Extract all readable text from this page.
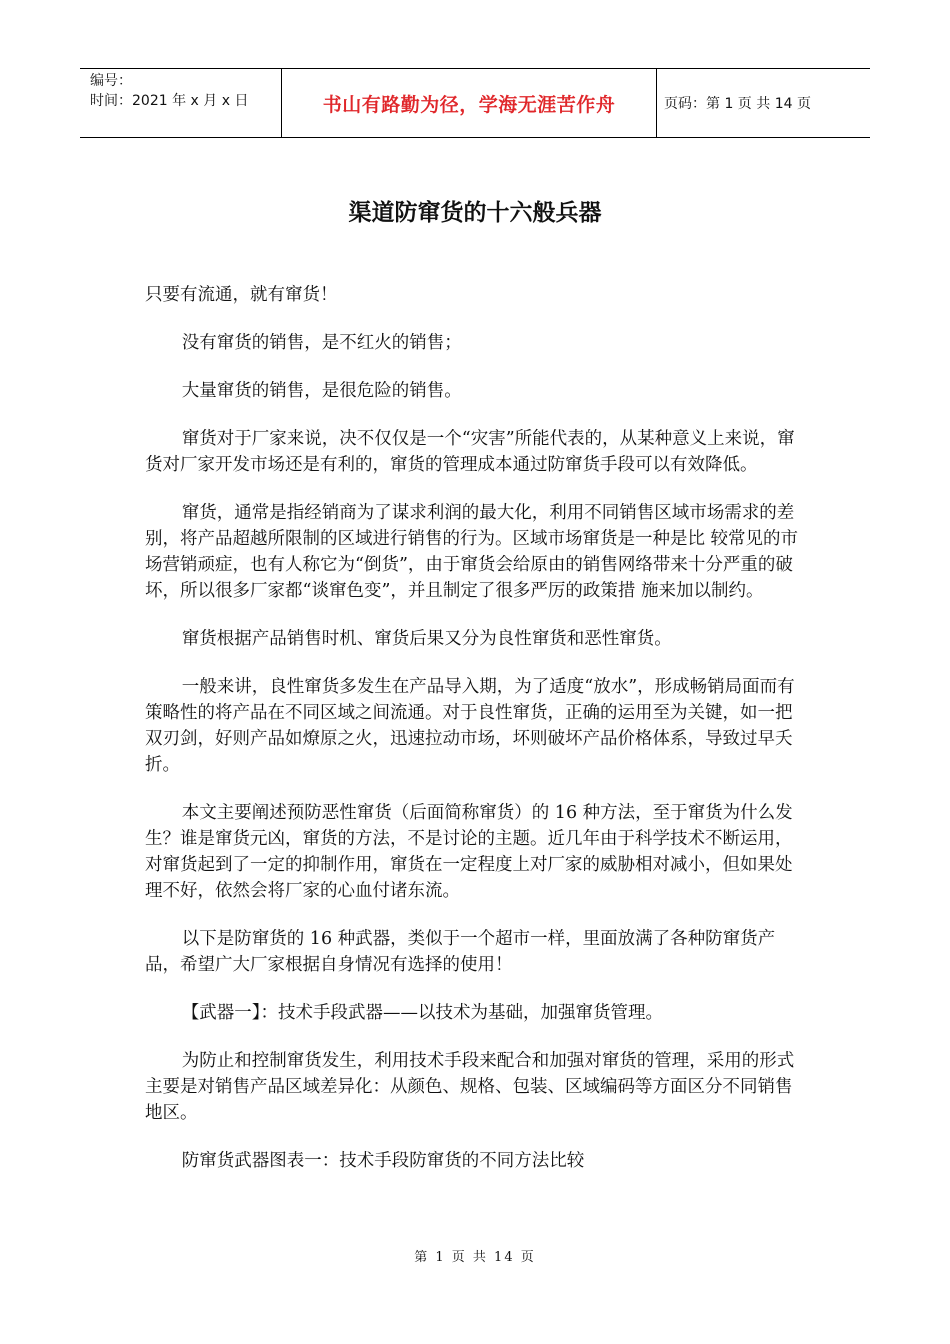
编号：
时间：2021 年 x 月 x 日	书山有路勤为径，学海无涯苦作舟	页码：第 1 页 共 14 页
渠道防窜货的十六般兵器

只要有流通，就有窜货！

没有窜货的销售，是不红火的销售；

大量窜货的销售，是很危险的销售。

窜货对于厂家来说，决不仅仅是一个“灾害”所能代表的，从某种意义上来说，窜货对厂家开发市场还是有利的，窜货的管理成本通过防窜货手段可以有效降低。

窜货，通常是指经销商为了谋求利润的最大化，利用不同销售区域市场需求的差别，将产品超越所限制的区域进行销售的行为。区域市场窜货是一种是比 较常见的市场营销顽症，也有人称它为“倒货”，由于窜货会给原由的销售网络带来十分严重的破坏，所以很多厂家都“谈窜色变”，并且制定了很多严厉的政策措 施来加以制约。

窜货根据产品销售时机、窜货后果又分为良性窜货和恶性窜货。

一般来讲，良性窜货多发生在产品导入期，为了适度“放水”，形成畅销局面而有策略性的将产品在不同区域之间流通。对于良性窜货，正确的运用至为关键，如一把双刃剑，好则产品如燎原之火，迅速拉动市场，坏则破坏产品价格体系，导致过早夭折。

本文主要阐述预防恶性窜货（后面简称窜货）的 16 种方法，至于窜货为什么发生？谁是窜货元凶，窜货的方法，不是讨论的主题。近几年由于科学技术不断运用，对窜货起到了一定的抑制作用，窜货在一定程度上对厂家的威胁相对减小，但如果处理不好，依然会将厂家的心血付诸东流。

以下是防窜货的 16 种武器，类似于一个超市一样，里面放满了各种防窜货产品，希望广大厂家根据自身情况有选择的使用！

【武器一】：技术手段武器——以技术为基础，加强窜货管理。

为防止和控制窜货发生，利用技术手段来配合和加强对窜货的管理，采用的形式主要是对销售产品区域差异化：从颜色、规格、包装、区域编码等方面区分不同销售地区。

防窜货武器图表一：技术手段防窜货的不同方法比较

第 1 页 共 14 页
